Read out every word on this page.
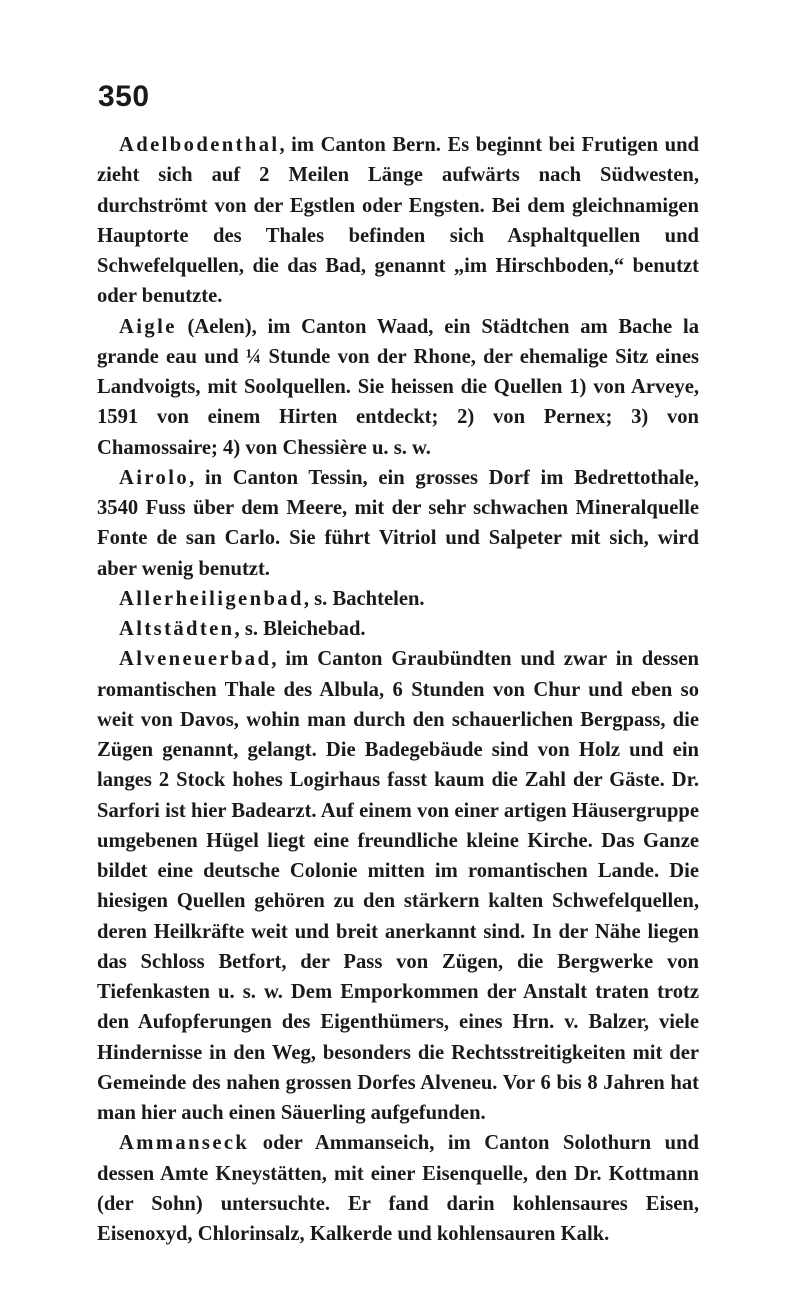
350

Adelbodenthal, im Canton Bern. Es beginnt bei Frutigen und zieht sich auf 2 Meilen Länge aufwärts nach Südwesten, durchströmt von der Egstlen oder Engsten. Bei dem gleichnamigen Hauptorte des Thales befinden sich Asphaltquellen und Schwefelquellen, die das Bad, genannt „im Hirschboden,“ benutzt oder benutzte.

Aigle (Aelen), im Canton Waad, ein Städtchen am Bache la grande eau und ¼ Stunde von der Rhone, der ehemalige Sitz eines Landvoigts, mit Soolquellen. Sie heissen die Quellen 1) von Arveye, 1591 von einem Hirten entdeckt; 2) von Pernex; 3) von Chamossaire; 4) von Chessière u. s. w.

Airolo, in Canton Tessin, ein grosses Dorf im Bedrettothale, 3540 Fuss über dem Meere, mit der sehr schwachen Mineralquelle Fonte de san Carlo. Sie führt Vitriol und Salpeter mit sich, wird aber wenig benutzt.

Allerheiligenbad, s. Bachtelen.

Altstädten, s. Bleichebad.

Alveneuerbad, im Canton Graubündten und zwar in dessen romantischen Thale des Albula, 6 Stunden von Chur und eben so weit von Davos, wohin man durch den schauerlichen Bergpass, die Zügen genannt, gelangt. Die Badegebäude sind von Holz und ein langes 2 Stock hohes Logirhaus fasst kaum die Zahl der Gäste. Dr. Sarfori ist hier Badearzt. Auf einem von einer artigen Häusergruppe umgebenen Hügel liegt eine freundliche kleine Kirche. Das Ganze bildet eine deutsche Colonie mitten im romantischen Lande. Die hiesigen Quellen gehören zu den stärkern kalten Schwefelquellen, deren Heilkräfte weit und breit anerkannt sind. In der Nähe liegen das Schloss Betfort, der Pass von Zügen, die Bergwerke von Tiefenkasten u. s. w. Dem Emporkommen der Anstalt traten trotz den Aufopferungen des Eigenthümers, eines Hrn. v. Balzer, viele Hindernisse in den Weg, besonders die Rechtsstreitigkeiten mit der Gemeinde des nahen grossen Dorfes Alveneu. Vor 6 bis 8 Jahren hat man hier auch einen Säuerling aufgefunden.

Ammanseck oder Ammanseich, im Canton Solothurn und dessen Amte Kneystätten, mit einer Eisenquelle, den Dr. Kottmann (der Sohn) untersuchte. Er fand darin kohlensaures Eisen, Eisenoxyd, Chlorinsalz, Kalkerde und kohlensauren Kalk.
